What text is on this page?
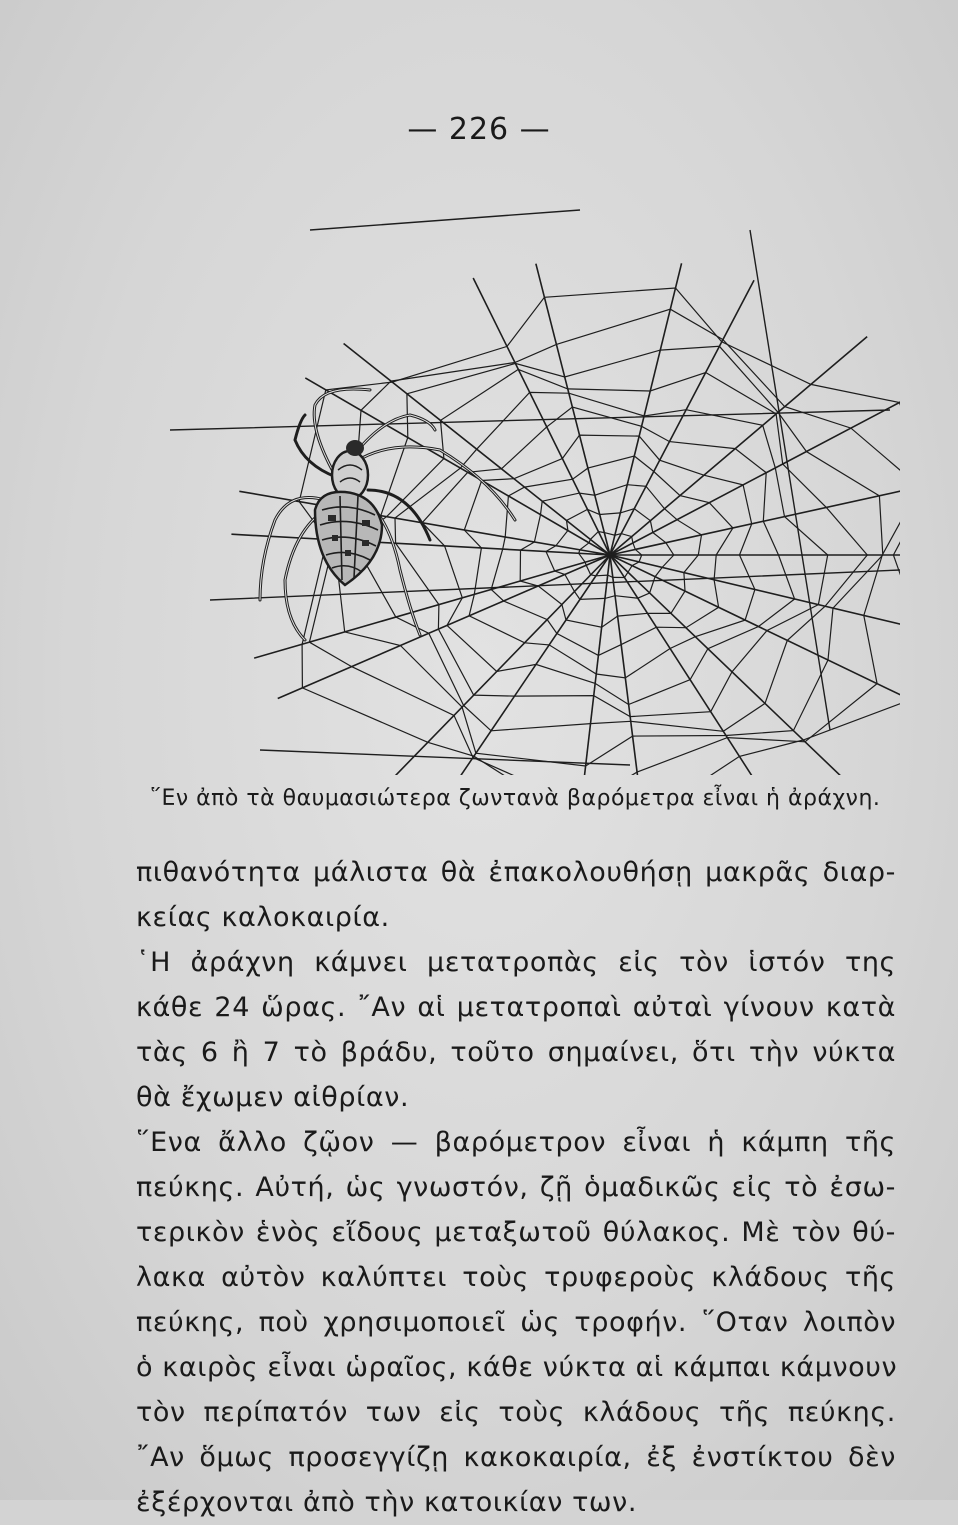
— 226 —
῞Εν ἀπὸ τὰ θαυμασιώτερα ζωντανὰ βαρόμετρα εἶναι ἡ ἀράχνη.
πιθανότητα μάλιστα θὰ ἐπακολουθήσῃ μακρᾶς διαρ-
κείας καλοκαιρία.
῾Η ἀράχνη κάμνει μετατροπὰς εἰς τὸν ἱστόν της
κάθε 24 ὥρας. ῎Αν αἱ μετατροπαὶ αὐταὶ γίνουν κατὰ
τὰς 6 ἢ 7 τὸ βράδυ, τοῦτο σημαίνει, ὅτι τὴν νύκτα
θὰ ἔχωμεν αἰθρίαν.
῞Ενα ἄλλο ζῷον — βαρόμετρον εἶναι ἡ κάμπη τῆς
πεύκης. Αὐτή, ὡς γνωστόν, ζῇ ὁμαδικῶς εἰς τὸ ἐσω-
τερικὸν ἑνὸς εἴδους μεταξωτοῦ θύλακος. Μὲ τὸν θύ-
λακα αὐτὸν καλύπτει τοὺς τρυφεροὺς κλάδους τῆς
πεύκης, ποὺ χρησιμοποιεῖ ὡς τροφήν. ῞Οταν λοιπὸν
ὁ καιρὸς εἶναι ὡραῖος, κάθε νύκτα αἱ κάμπαι κάμνουν
τὸν περίπατόν των εἰς τοὺς κλάδους τῆς πεύκης.
῎Αν ὅμως προσεγγίζῃ κακοκαιρία, ἐξ ἐνστίκτου δὲν
ἐξέρχονται ἀπὸ τὴν κατοικίαν των.
